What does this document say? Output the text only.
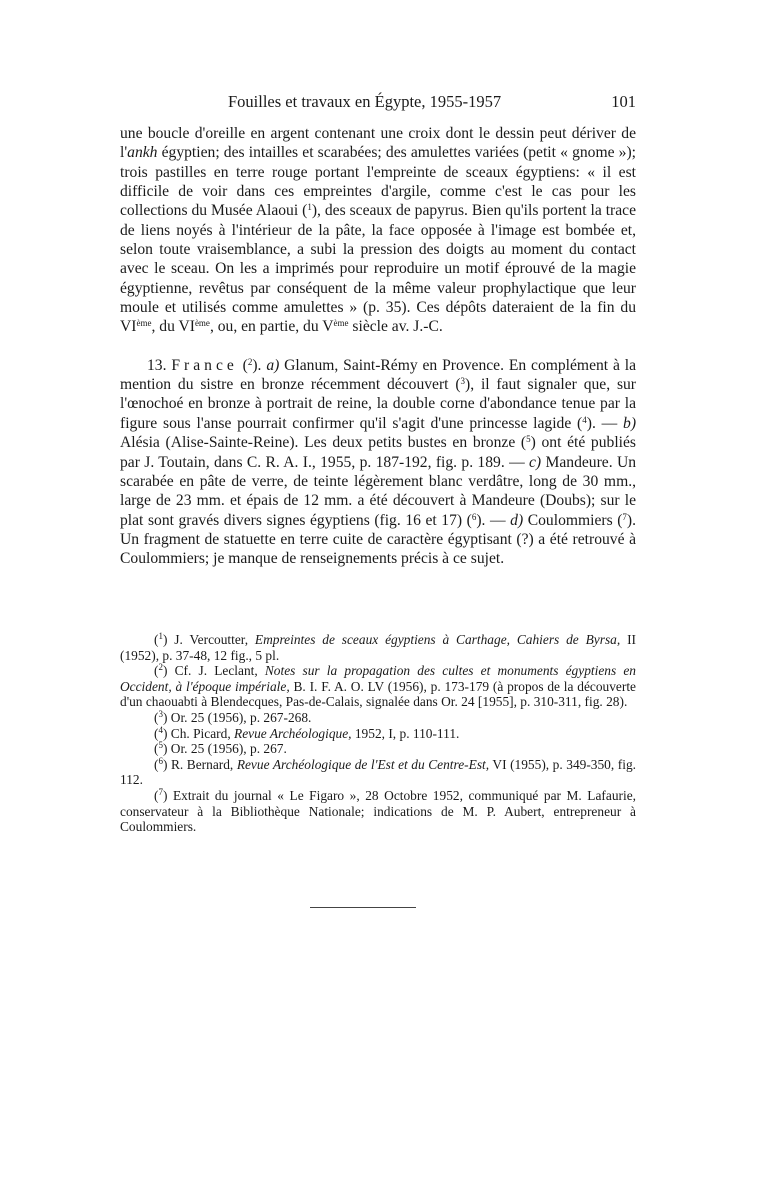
Fouilles et travaux en Égypte, 1955-1957	101

une boucle d'oreille en argent contenant une croix dont le dessin peut dériver de l'ankh égyptien; des intailles et scarabées; des amulettes variées (petit « gnome »); trois pastilles en terre rouge portant l'empreinte de sceaux égyptiens: « il est difficile de voir dans ces empreintes d'argile, comme c'est le cas pour les collections du Musée Alaoui ($^1$), des sceaux de papyrus. Bien qu'ils portent la trace de liens noyés à l'intérieur de la pâte, la face opposée à l'image est bombée et, selon toute vraisemblance, a subi la pression des doigts au moment du contact avec le sceau. On les a imprimés pour reproduire un motif éprouvé de la magie égyptienne, revêtus par conséquent de la même valeur prophylactique que leur moule et utilisés comme amulettes » (p. 35). Ces dépôts dateraient de la fin du VIème, du VIème, ou, en partie, du Vème siècle av. J.-C.

13. France ($^2$). a) Glanum, Saint-Rémy en Provence. En complément à la mention du sistre en bronze récemment découvert ($^3$), il faut signaler que, sur l'œnochoé en bronze à portrait de reine, la double corne d'abondance tenue par la figure sous l'anse pourrait confirmer qu'il s'agit d'une princesse lagide ($^4$). — b) Alésia (Alise-Sainte-Reine). Les deux petits bustes en bronze ($^5$) ont été publiés par J. Toutain, dans C. R. A. I., 1955, p. 187-192, fig. p. 189. — c) Mandeure. Un scarabée en pâte de verre, de teinte légèrement blanc verdâtre, long de 30 mm., large de 23 mm. et épais de 12 mm. a été découvert à Mandeure (Doubs); sur le plat sont gravés divers signes égyptiens (fig. 16 et 17) ($^6$). — d) Coulommiers ($^7$). Un fragment de statuette en terre cuite de caractère égyptisant (?) a été retrouvé à Coulommiers; je manque de renseignements précis à ce sujet.

($^1$) J. Vercoutter, Empreintes de sceaux égyptiens à Carthage, Cahiers de Byrsa, II (1952), p. 37-48, 12 fig., 5 pl.

($^2$) Cf. J. Leclant, Notes sur la propagation des cultes et monuments égyptiens en Occident, à l'époque impériale, B. I. F. A. O. LV (1956), p. 173-179 (à propos de la découverte d'un chaouabti à Blendecques, Pas-de-Calais, signalée dans Or. 24 [1955], p. 310-311, fig. 28).

($^3$) Or. 25 (1956), p. 267-268.

($^4$) Ch. Picard, Revue Archéologique, 1952, I, p. 110-111.

($^5$) Or. 25 (1956), p. 267.

($^6$) R. Bernard, Revue Archéologique de l'Est et du Centre-Est, VI (1955), p. 349-350, fig. 112.

($^7$) Extrait du journal « Le Figaro », 28 Octobre 1952, communiqué par M. Lafaurie, conservateur à la Bibliothèque Nationale; indications de M. P. Aubert, entrepreneur à Coulommiers.
